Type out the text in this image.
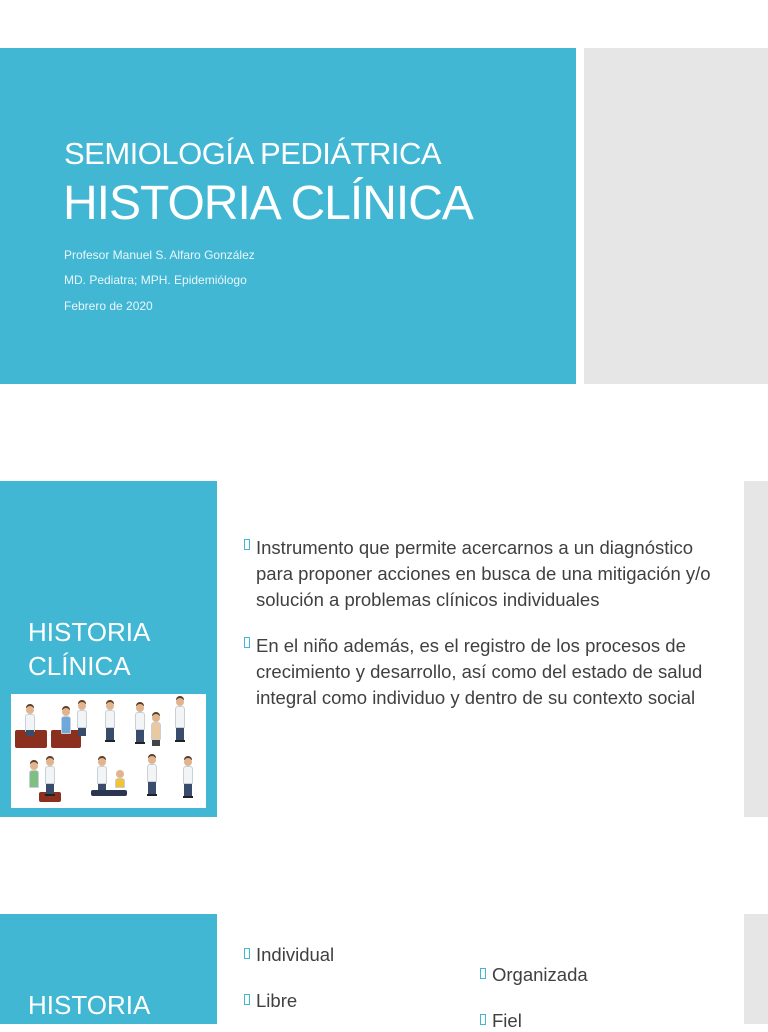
SEMIOLOGÍA PEDIÁTRICA
HISTORIA CLÍNICA
Profesor Manuel S. Alfaro González
MD. Pediatra; MPH. Epidemiólogo
Febrero de 2020
HISTORIA
CLÍNICA
Instrumento que permite acercarnos a un diagnóstico para proponer acciones en busca de una mitigación y/o solución a problemas clínicos individuales
En el niño además, es el registro de los procesos de crecimiento y desarrollo, así como del estado de salud integral como individuo y dentro de su contexto social
HISTORIA
Individual
Libre
Organizada
Fiel
